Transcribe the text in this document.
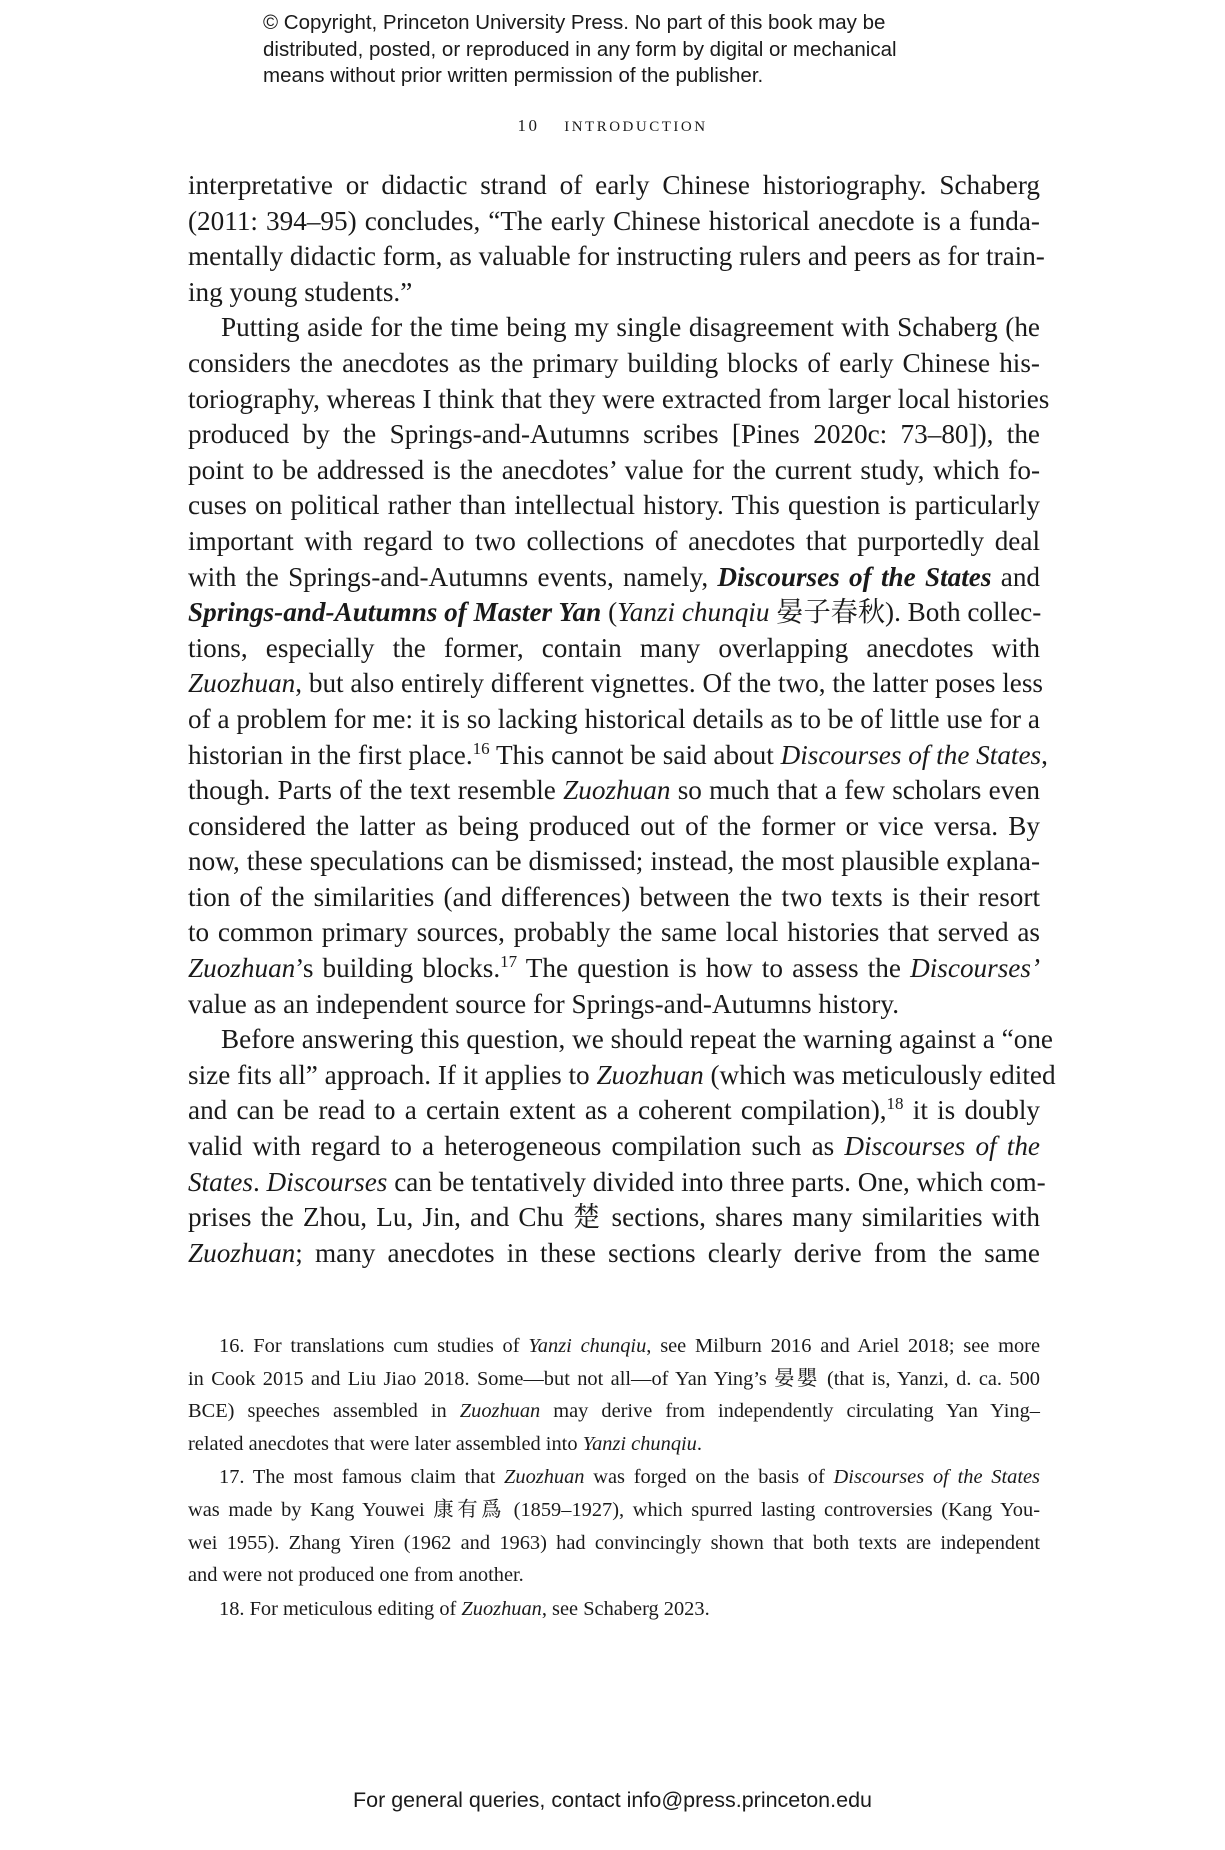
© Copyright, Princeton University Press. No part of this book may be
distributed, posted, or reproduced in any form by digital or mechanical
means without prior written permission of the publisher.
10 introduction

interpretative or didactic strand of early Chinese historiography. Schaberg
(2011: 394–95) concludes, “The early Chinese historical anecdote is a funda-
mentally didactic form, as valuable for instructing rulers and peers as for train-
ing young students.”

Putting aside for the time being my single disagreement with Schaberg (he
considers the anecdotes as the primary building blocks of early Chinese his-
toriography, whereas I think that they were extracted from larger local histories
produced by the Springs-and-Autumns scribes [Pines 2020c: 73–80]), the
point to be addressed is the anecdotes’ value for the current study, which fo-
cuses on political rather than intellectual history. This question is particularly
important with regard to two collections of anecdotes that purportedly deal
with the Springs-and-Autumns events, namely, Discourses of the States and
Springs-and-Autumns of Master Yan (Yanzi chunqiu 晏子春秋). Both collec-
tions, especially the former, contain many overlapping anecdotes with
Zuozhuan, but also entirely different vignettes. Of the two, the latter poses less
of a problem for me: it is so lacking historical details as to be of little use for a
historian in the first place.$^{16}$ This cannot be said about Discourses of the States,
though. Parts of the text resemble Zuozhuan so much that a few scholars even
considered the latter as being produced out of the former or vice versa. By
now, these speculations can be dismissed; instead, the most plausible explana-
tion of the similarities (and differences) between the two texts is their resort
to common primary sources, probably the same local histories that served as
Zuozhuan’s building blocks.$^{17}$ The question is how to assess the Discourses’
value as an independent source for Springs-and-Autumns history.

Before answering this question, we should repeat the warning against a “one
size fits all” approach. If it applies to Zuozhuan (which was meticulously edited
and can be read to a certain extent as a coherent compilation),$^{18}$ it is doubly
valid with regard to a heterogeneous compilation such as Discourses of the
States. Discourses can be tentatively divided into three parts. One, which com-
prises the Zhou, Lu, Jin, and Chu 楚 sections, shares many similarities with
Zuozhuan; many anecdotes in these sections clearly derive from the same

16. For translations cum studies of Yanzi chunqiu, see Milburn 2016 and Ariel 2018; see more
in Cook 2015 and Liu Jiao 2018. Some—but not all—of Yan Ying’s 晏嬰 (that is, Yanzi, d. ca. 500
BCE) speeches assembled in Zuozhuan may derive from independently circulating Yan Ying–
related anecdotes that were later assembled into Yanzi chunqiu.
17. The most famous claim that Zuozhuan was forged on the basis of Discourses of the States
was made by Kang Youwei 康有爲 (1859–1927), which spurred lasting controversies (Kang You-
wei 1955). Zhang Yiren (1962 and 1963) had convincingly shown that both texts are independent
and were not produced one from another.
18. For meticulous editing of Zuozhuan, see Schaberg 2023.
For general queries, contact info@press.princeton.edu
